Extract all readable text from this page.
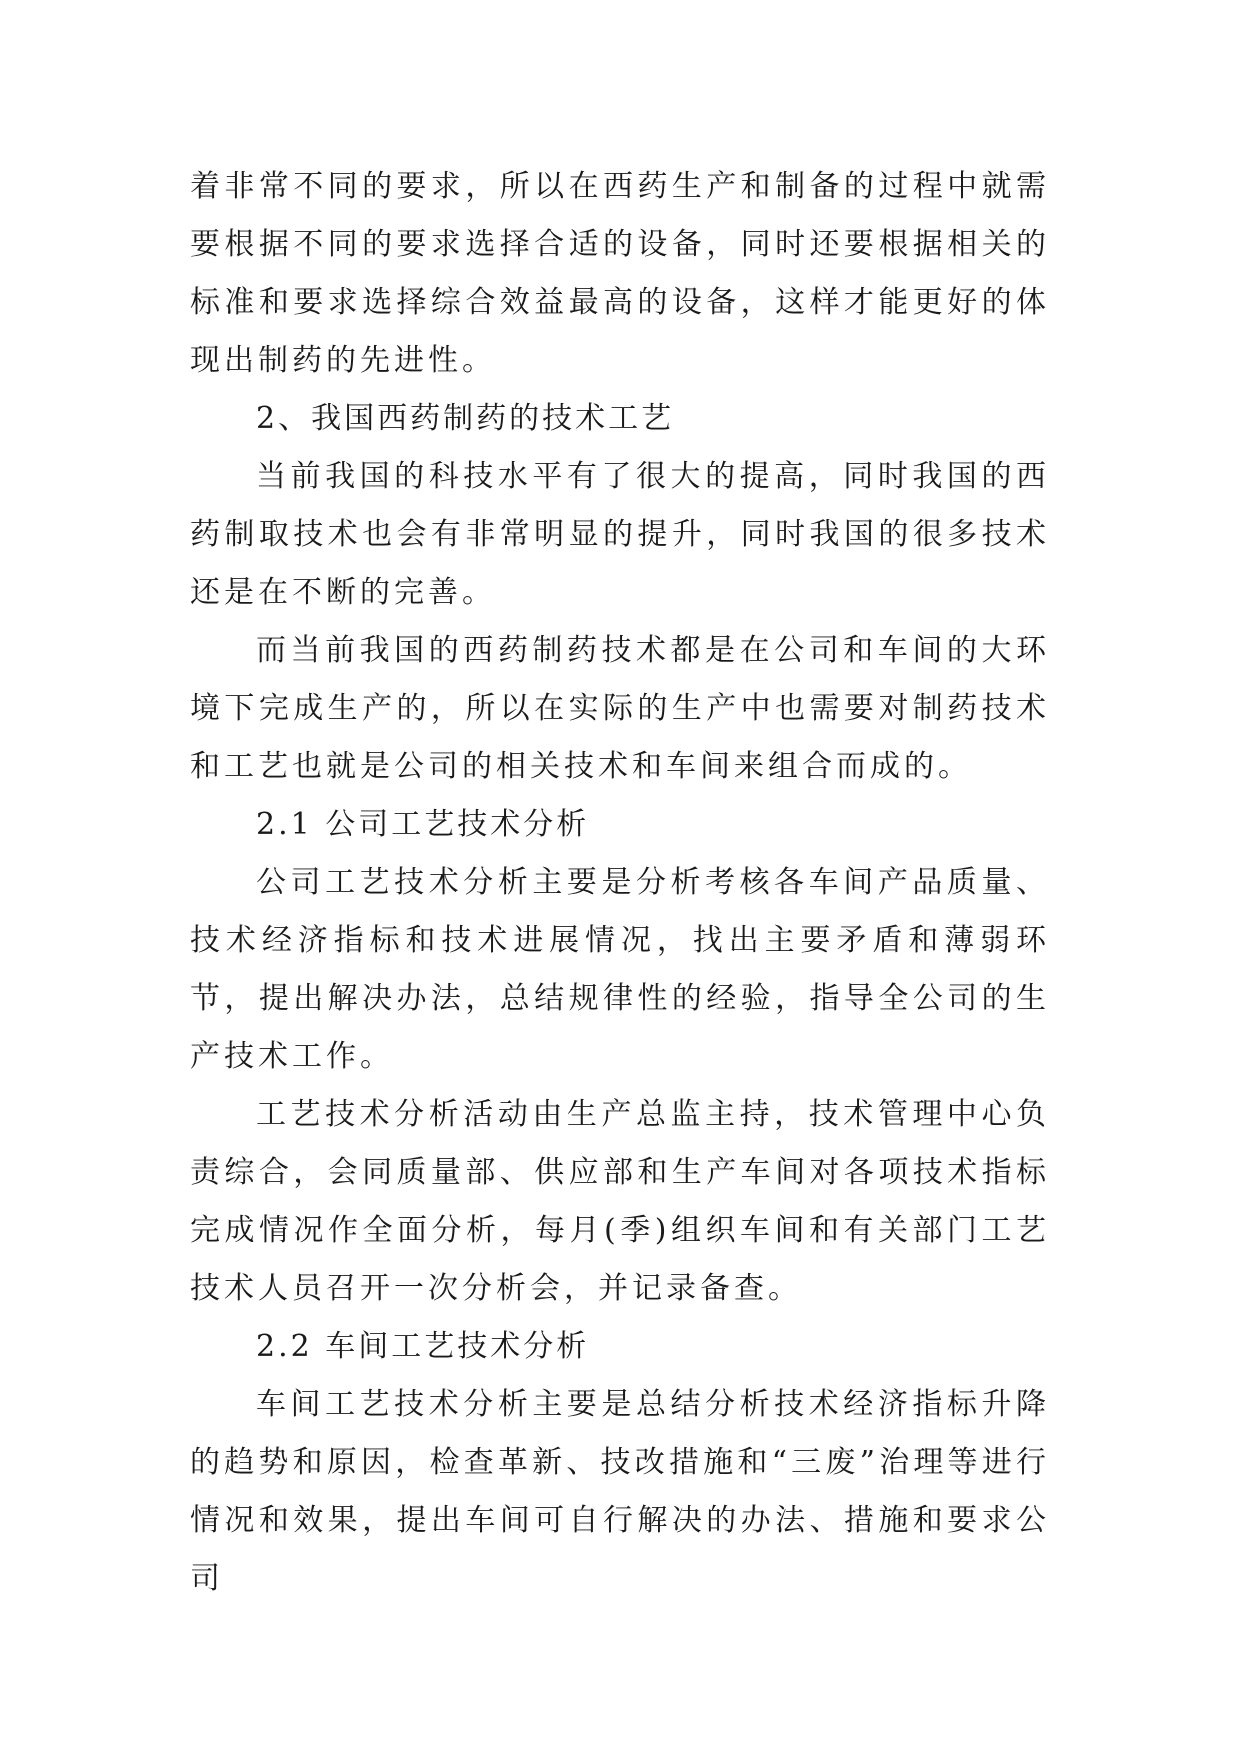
着非常不同的要求，所以在西药生产和制备的过程中就需要根据不同的要求选择合适的设备，同时还要根据相关的标准和要求选择综合效益最高的设备，这样才能更好的体现出制药的先进性。

2、我国西药制药的技术工艺

当前我国的科技水平有了很大的提高，同时我国的西药制取技术也会有非常明显的提升，同时我国的很多技术还是在不断的完善。

而当前我国的西药制药技术都是在公司和车间的大环境下完成生产的，所以在实际的生产中也需要对制药技术和工艺也就是公司的相关技术和车间来组合而成的。

2.1 公司工艺技术分析

公司工艺技术分析主要是分析考核各车间产品质量、技术经济指标和技术进展情况，找出主要矛盾和薄弱环节，提出解决办法，总结规律性的经验，指导全公司的生产技术工作。

工艺技术分析活动由生产总监主持，技术管理中心负责综合，会同质量部、供应部和生产车间对各项技术指标完成情况作全面分析，每月(季)组织车间和有关部门工艺技术人员召开一次分析会，并记录备查。

2.2 车间工艺技术分析

车间工艺技术分析主要是总结分析技术经济指标升降的趋势和原因，检查革新、技改措施和“三废”治理等进行情况和效果，提出车间可自行解决的办法、措施和要求公司
